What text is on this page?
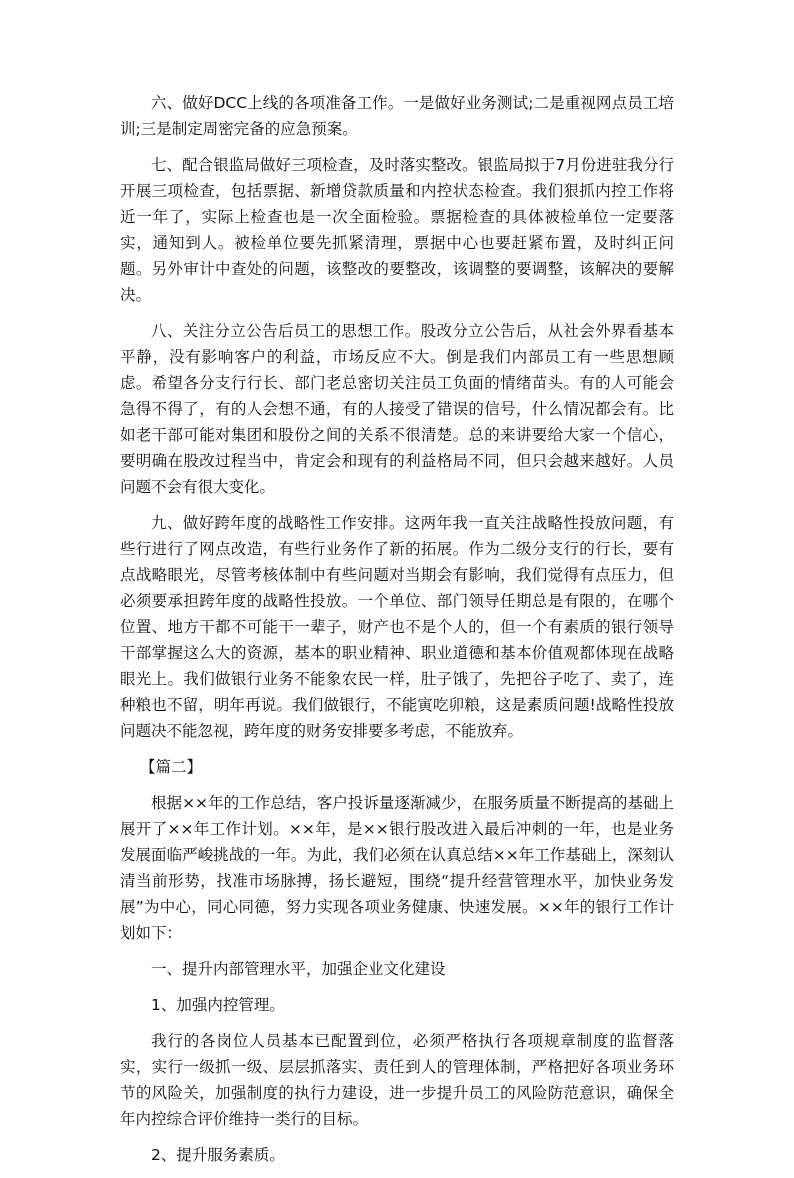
六、做好DCC上线的各项准备工作。一是做好业务测试;二是重视网点员工培训;三是制定周密完备的应急预案。

七、配合银监局做好三项检查，及时落实整改。银监局拟于7月份进驻我分行开展三项检查，包括票据、新增贷款质量和内控状态检查。我们狠抓内控工作将近一年了，实际上检查也是一次全面检验。票据检查的具体被检单位一定要落实，通知到人。被检单位要先抓紧清理，票据中心也要赶紧布置，及时纠正问题。另外审计中查处的问题，该整改的要整改，该调整的要调整，该解决的要解决。

八、关注分立公告后员工的思想工作。股改分立公告后，从社会外界看基本平静，没有影响客户的利益，市场反应不大。倒是我们内部员工有一些思想顾虑。希望各分支行行长、部门老总密切关注员工负面的情绪苗头。有的人可能会急得不得了，有的人会想不通，有的人接受了错误的信号，什么情况都会有。比如老干部可能对集团和股份之间的关系不很清楚。总的来讲要给大家一个信心，要明确在股改过程当中，肯定会和现有的利益格局不同，但只会越来越好。人员问题不会有很大变化。

九、做好跨年度的战略性工作安排。这两年我一直关注战略性投放问题，有些行进行了网点改造，有些行业务作了新的拓展。作为二级分支行的行长，要有点战略眼光，尽管考核体制中有些问题对当期会有影响，我们觉得有点压力，但必须要承担跨年度的战略性投放。一个单位、部门领导任期总是有限的，在哪个位置、地方干都不可能干一辈子，财产也不是个人的，但一个有素质的银行领导干部掌握这么大的资源，基本的职业精神、职业道德和基本价值观都体现在战略眼光上。我们做银行业务不能象农民一样，肚子饿了，先把谷子吃了、卖了，连种粮也不留，明年再说。我们做银行，不能寅吃卯粮，这是素质问题!战略性投放问题决不能忽视，跨年度的财务安排要多考虑，不能放弃。

【篇二】

根据××年的工作总结，客户投诉量逐渐减少，在服务质量不断提高的基础上展开了××年工作计划。××年，是××银行股改进入最后冲刺的一年，也是业务发展面临严峻挑战的一年。为此，我们必须在认真总结××年工作基础上，深刻认清当前形势，找准市场脉搏，扬长避短，围绕“提升经营管理水平，加快业务发展”为中心，同心同德，努力实现各项业务健康、快速发展。××年的银行工作计划如下：

一、提升内部管理水平，加强企业文化建设

1、加强内控管理。

我行的各岗位人员基本已配置到位，必须严格执行各项规章制度的监督落实，实行一级抓一级、层层抓落实、责任到人的管理体制，严格把好各项业务环节的风险关，加强制度的执行力建设，进一步提升员工的风险防范意识，确保全年内控综合评价维持一类行的目标。

2、提升服务素质。
